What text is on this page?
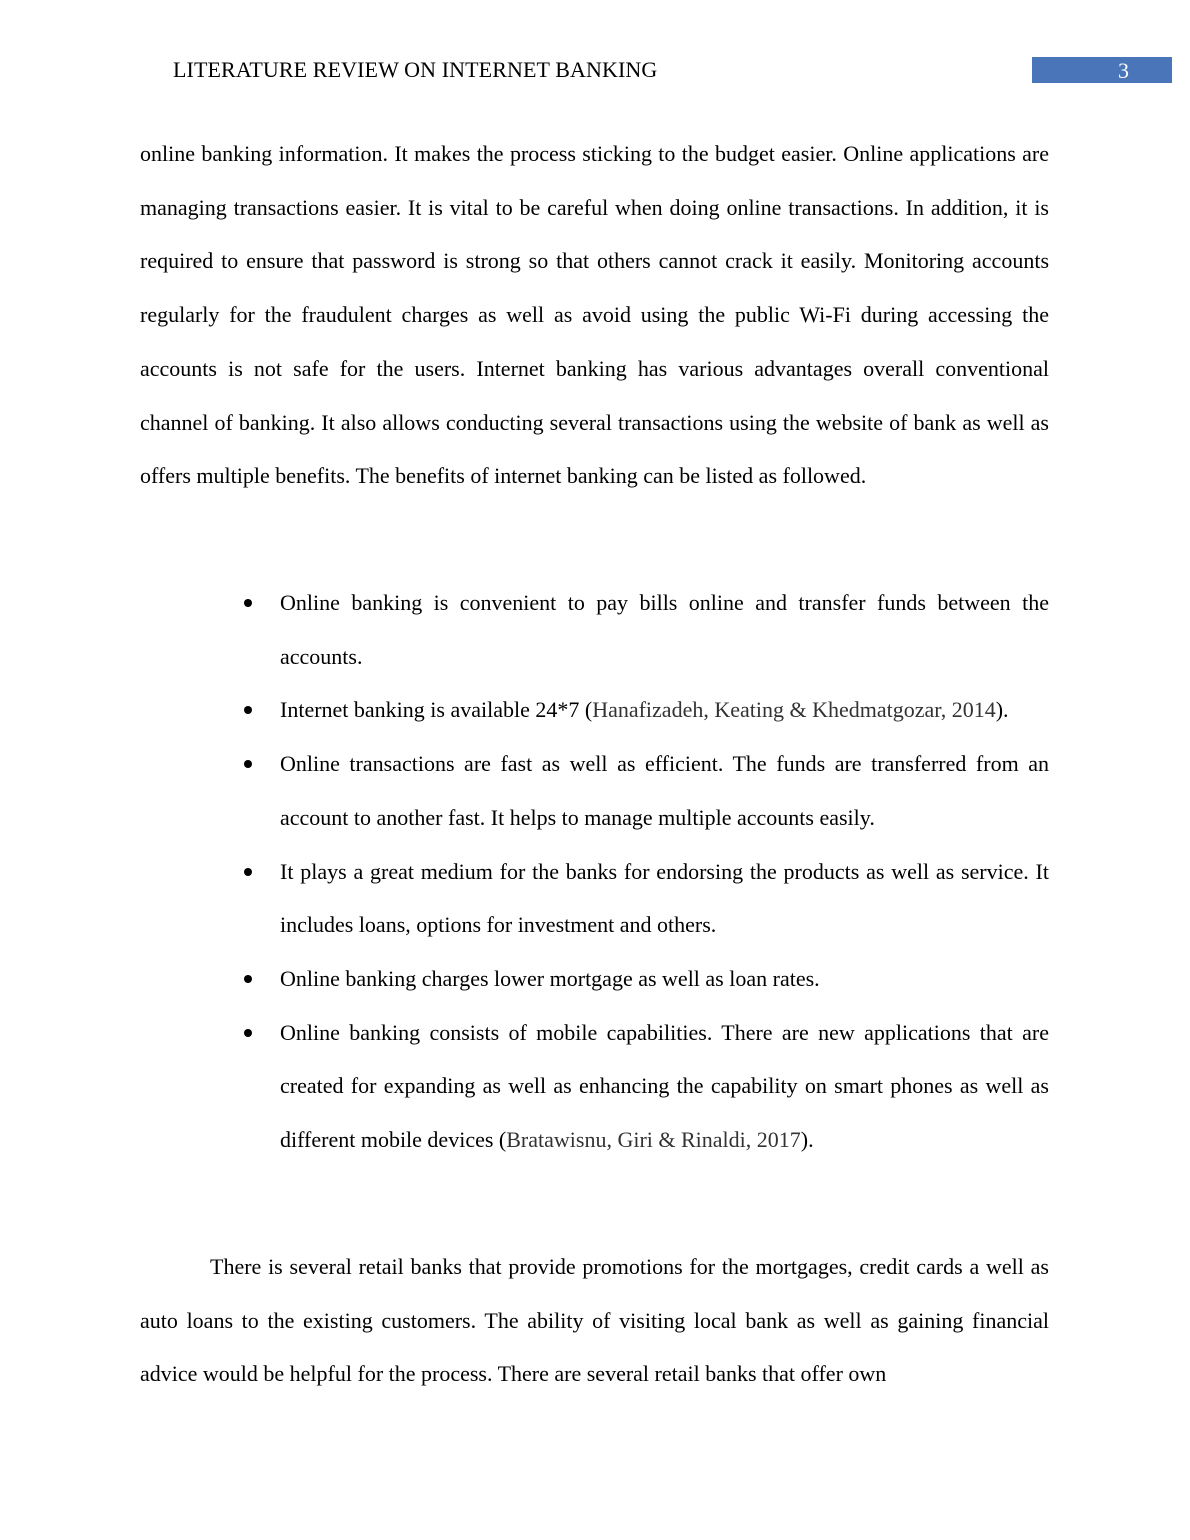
LITERATURE REVIEW ON INTERNET BANKING	3

online banking information. It makes the process sticking to the budget easier. Online applications are managing transactions easier. It is vital to be careful when doing online transactions. In addition, it is required to ensure that password is strong so that others cannot crack it easily. Monitoring accounts regularly for the fraudulent charges as well as avoid using the public Wi-Fi during accessing the accounts is not safe for the users. Internet banking has various advantages overall conventional channel of banking. It also allows conducting several transactions using the website of bank as well as offers multiple benefits. The benefits of internet banking can be listed as followed.

Online banking is convenient to pay bills online and transfer funds between the accounts.
Internet banking is available 24*7 (Hanafizadeh, Keating & Khedmatgozar, 2014).
Online transactions are fast as well as efficient. The funds are transferred from an account to another fast. It helps to manage multiple accounts easily.
It plays a great medium for the banks for endorsing the products as well as service. It includes loans, options for investment and others.
Online banking charges lower mortgage as well as loan rates.
Online banking consists of mobile capabilities. There are new applications that are created for expanding as well as enhancing the capability on smart phones as well as different mobile devices (Bratawisnu, Giri & Rinaldi, 2017).

There is several retail banks that provide promotions for the mortgages, credit cards a well as auto loans to the existing customers. The ability of visiting local bank as well as gaining financial advice would be helpful for the process. There are several retail banks that offer own
